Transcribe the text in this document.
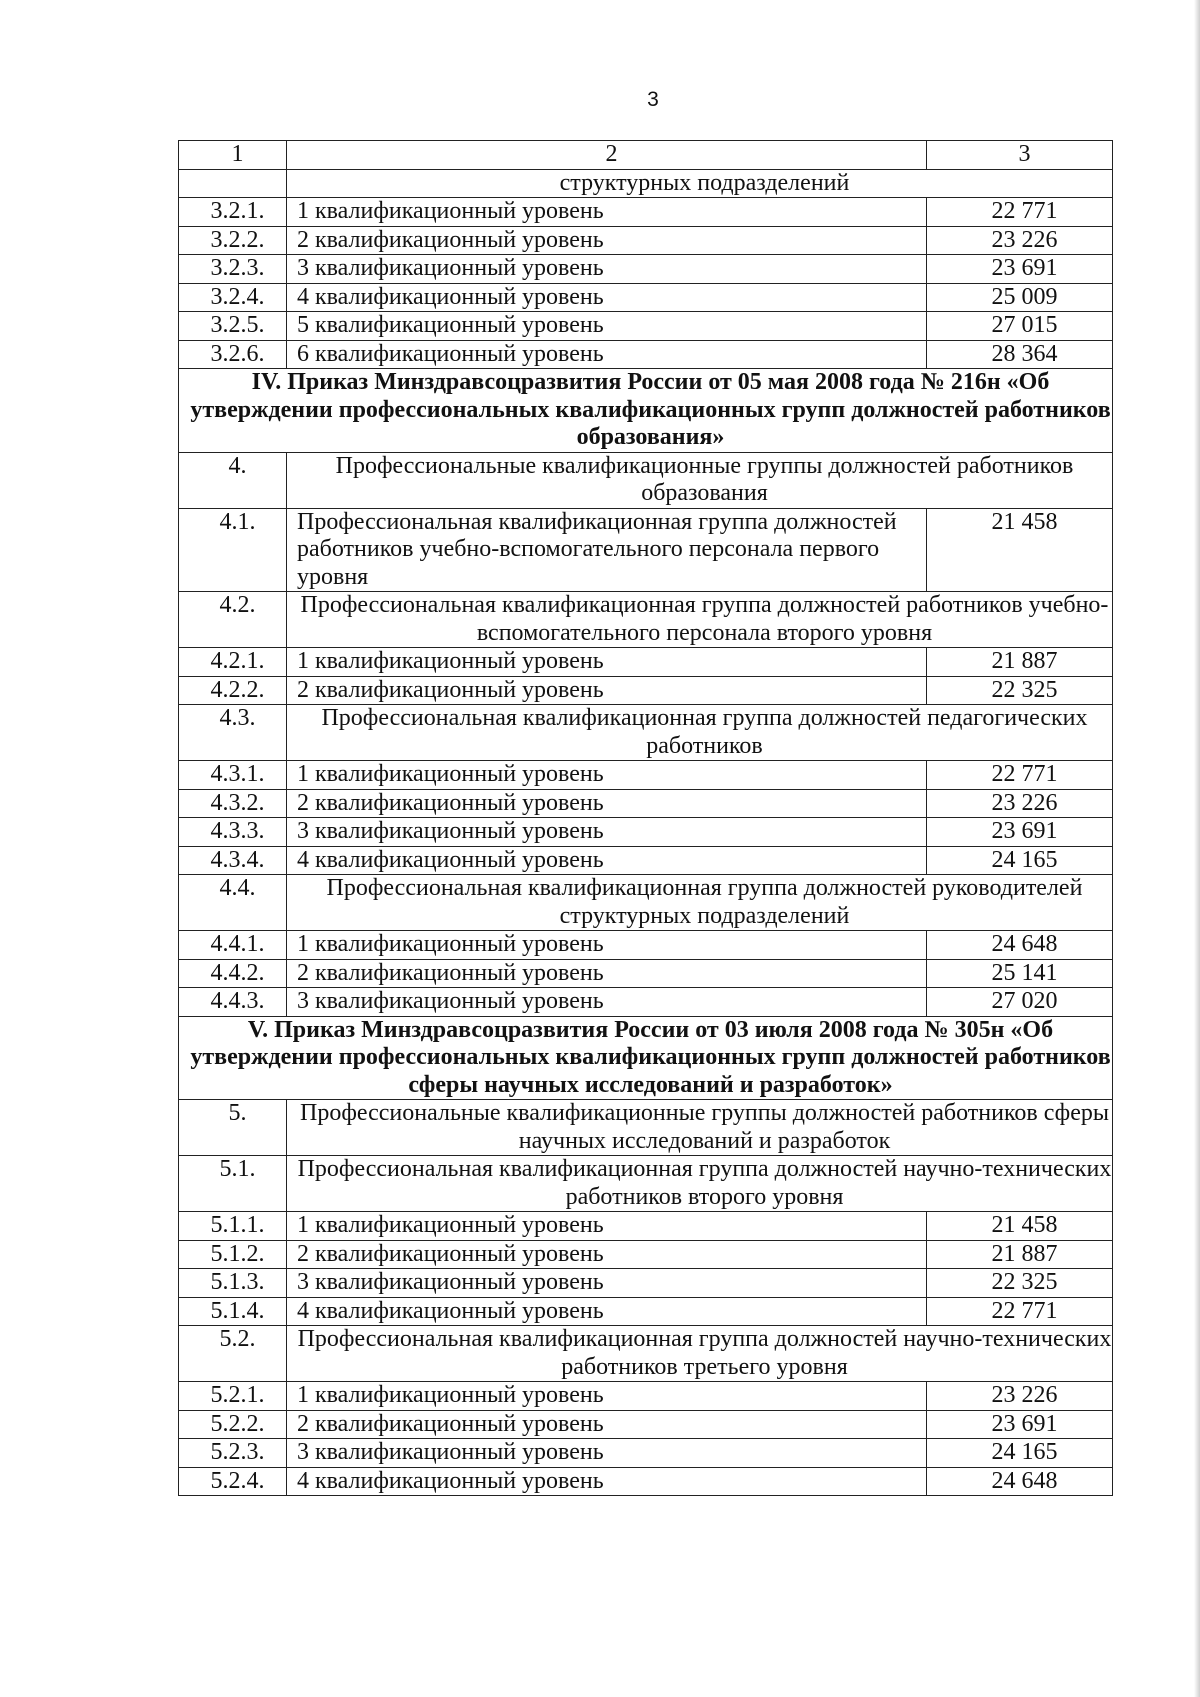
3
1	2	3
	структурных подразделений	
3.2.1.	1 квалификационный уровень	22 771
3.2.2.	2 квалификационный уровень	23 226
3.2.3.	3 квалификационный уровень	23 691
3.2.4.	4 квалификационный уровень	25 009
3.2.5.	5 квалификационный уровень	27 015
3.2.6.	6 квалификационный уровень	28 364
IV. Приказ Минздравсоцразвития России от 05 мая 2008 года № 216н «Об утверждении профессиональных квалификационных групп должностей работников образования»		
4.	Профессиональные квалификационные группы должностей работников образования	
4.1.	Профессиональная квалификационная группа должностей работников учебно-вспомогательного персонала первого уровня	21 458
4.2.	Профессиональная квалификационная группа должностей работников учебно-вспомогательного персонала второго уровня	
4.2.1.	1 квалификационный уровень	21 887
4.2.2.	2 квалификационный уровень	22 325
4.3.	Профессиональная квалификационная группа должностей педагогических работников	
4.3.1.	1 квалификационный уровень	22 771
4.3.2.	2 квалификационный уровень	23 226
4.3.3.	3 квалификационный уровень	23 691
4.3.4.	4 квалификационный уровень	24 165
4.4.	Профессиональная квалификационная группа должностей руководителей структурных подразделений	
4.4.1.	1 квалификационный уровень	24 648
4.4.2.	2 квалификационный уровень	25 141
4.4.3.	3 квалификационный уровень	27 020
V. Приказ Минздравсоцразвития России от 03 июля 2008 года № 305н «Об утверждении профессиональных квалификационных групп должностей работников сферы научных исследований и разработок»		
5.	Профессиональные квалификационные группы должностей работников сферы научных исследований и разработок	
5.1.	Профессиональная квалификационная группа должностей научно-технических работников второго уровня	
5.1.1.	1 квалификационный уровень	21 458
5.1.2.	2 квалификационный уровень	21 887
5.1.3.	3 квалификационный уровень	22 325
5.1.4.	4 квалификационный уровень	22 771
5.2.	Профессиональная квалификационная группа должностей научно-технических работников третьего уровня	
5.2.1.	1 квалификационный уровень	23 226
5.2.2.	2 квалификационный уровень	23 691
5.2.3.	3 квалификационный уровень	24 165
5.2.4.	4 квалификационный уровень	24 648
